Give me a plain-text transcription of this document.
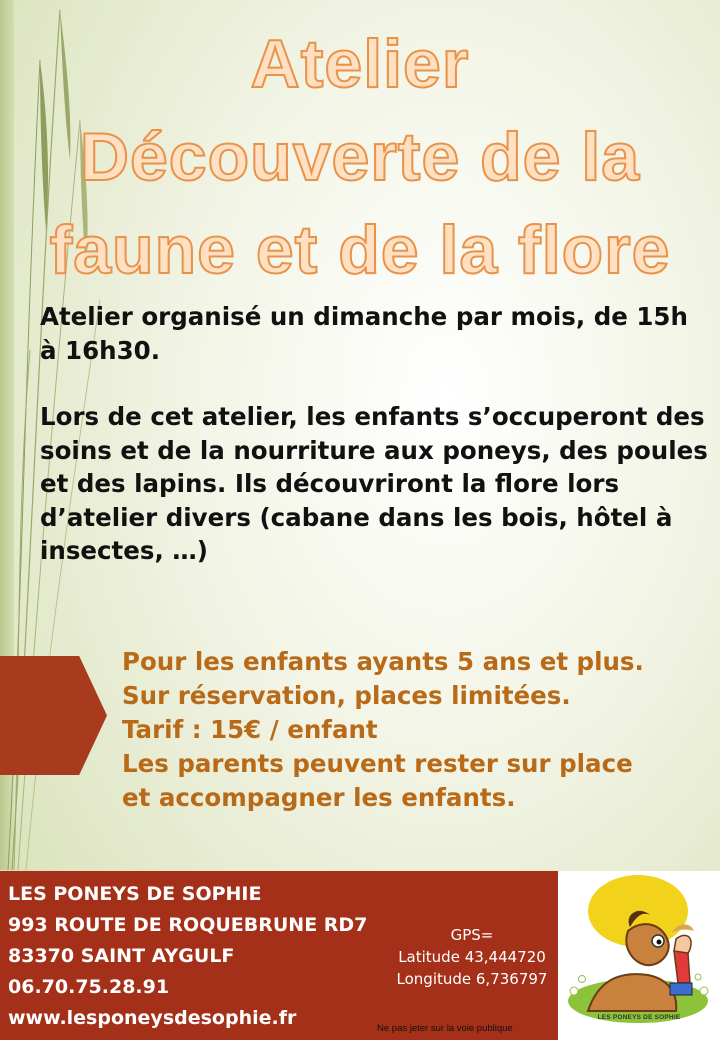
Atelier
Découverte de la
faune et de la flore

Atelier organisé un dimanche par mois, de 15h à 16h30.

Lors de cet atelier, les enfants s’occuperont des soins et de la nourriture aux poneys, des poules et des lapins. Ils découvriront la flore lors d’atelier divers (cabane dans les bois, hôtel à insectes, …)

Pour les enfants ayants 5 ans et plus.
Sur réservation, places limitées.
Tarif : 15€ / enfant
Les parents peuvent rester sur place
et accompagner les enfants.
LES PONEYS DE SOPHIE
993 ROUTE DE ROQUEBRUNE RD7
83370 SAINT AYGULF
06.70.75.28.91
www.lesponeysdesophie.fr
GPS=
Latitude 43,444720
Longitude 6,736797
Ne pas jeter sur la voie publique
LES PONEYS DE SOPHIE
